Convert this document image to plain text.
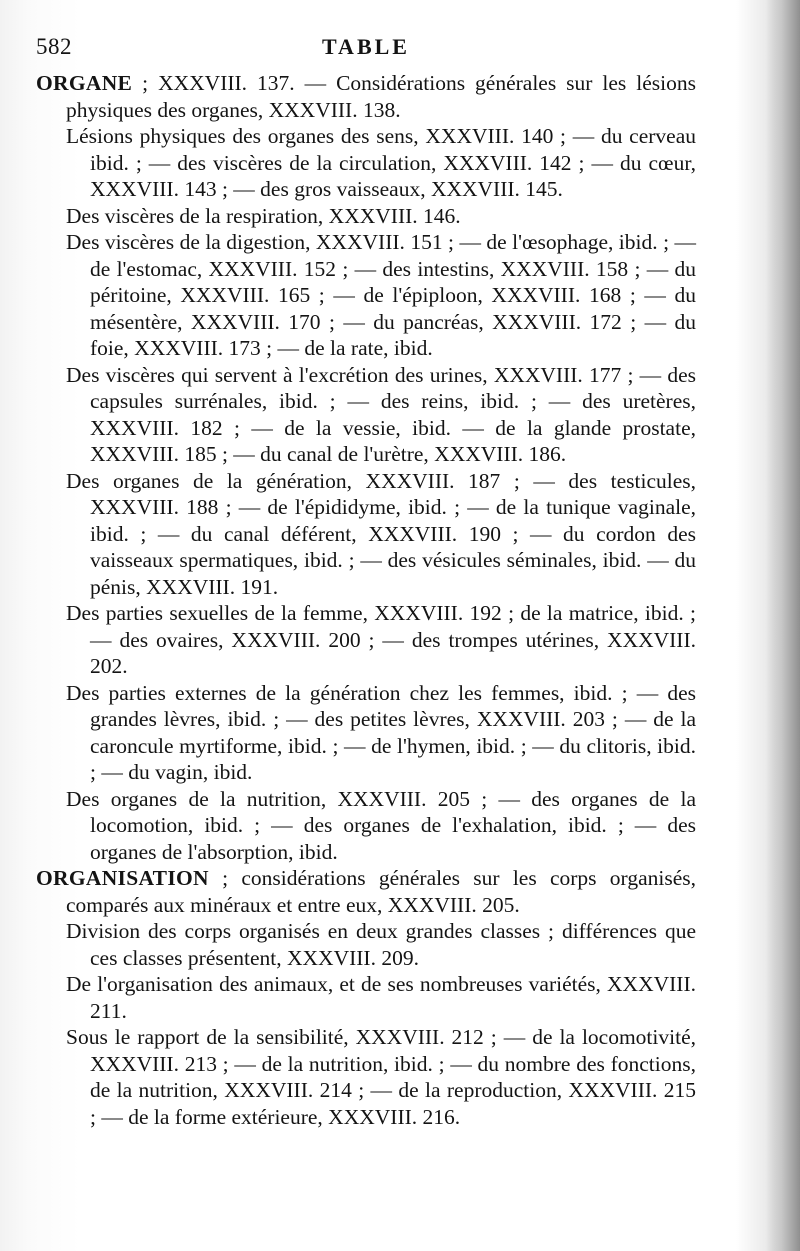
582	TABLE

ORGANE ; XXXVIII. 137. — Considérations générales sur les lésions physiques des organes, XXXVIII. 138.

Lésions physiques des organes des sens, XXXVIII. 140 ; — du cerveau ibid. ; — des viscères de la circulation, XXXVIII. 142 ; — du cœur, XXXVIII. 143 ; — des gros vaisseaux, XXXVIII. 145.

Des viscères de la respiration, XXXVIII. 146.

Des viscères de la digestion, XXXVIII. 151 ; — de l'œsophage, ibid. ; — de l'estomac, XXXVIII. 152 ; — des intestins, XXXVIII. 158 ; — du péritoine, XXXVIII. 165 ; — de l'épiploon, XXXVIII. 168 ; — du mésentère, XXXVIII. 170 ; — du pancréas, XXXVIII. 172 ; — du foie, XXXVIII. 173 ; — de la rate, ibid.

Des viscères qui servent à l'excrétion des urines, XXXVIII. 177 ; — des capsules surrénales, ibid. ; — des reins, ibid. ; — des uretères, XXXVIII. 182 ; — de la vessie, ibid. — de la glande prostate, XXXVIII. 185 ; — du canal de l'urètre, XXXVIII. 186.

Des organes de la génération, XXXVIII. 187 ; — des testicules, XXXVIII. 188 ; — de l'épididyme, ibid. ; — de la tunique vaginale, ibid. ; — du canal déférent, XXXVIII. 190 ; — du cordon des vaisseaux spermatiques, ibid. ; — des vésicules séminales, ibid. — du pénis, XXXVIII. 191.

Des parties sexuelles de la femme, XXXVIII. 192 ; de la matrice, ibid. ; — des ovaires, XXXVIII. 200 ; — des trompes utérines, XXXVIII. 202.

Des parties externes de la génération chez les femmes, ibid. ; — des grandes lèvres, ibid. ; — des petites lèvres, XXXVIII. 203 ; — de la caroncule myrtiforme, ibid. ; — de l'hymen, ibid. ; — du clitoris, ibid. ; — du vagin, ibid.

Des organes de la nutrition, XXXVIII. 205 ; — des organes de la locomotion, ibid. ; — des organes de l'exhalation, ibid. ; — des organes de l'absorption, ibid.

ORGANISATION ; considérations générales sur les corps organisés, comparés aux minéraux et entre eux, XXXVIII. 205.

Division des corps organisés en deux grandes classes ; différences que ces classes présentent, XXXVIII. 209.

De l'organisation des animaux, et de ses nombreuses variétés, XXXVIII. 211.

Sous le rapport de la sensibilité, XXXVIII. 212 ; — de la locomotivité, XXXVIII. 213 ; — de la nutrition, ibid. ; — du nombre des fonctions, de la nutrition, XXXVIII. 214 ; — de la reproduction, XXXVIII. 215 ; — de la forme extérieure, XXXVIII. 216.
